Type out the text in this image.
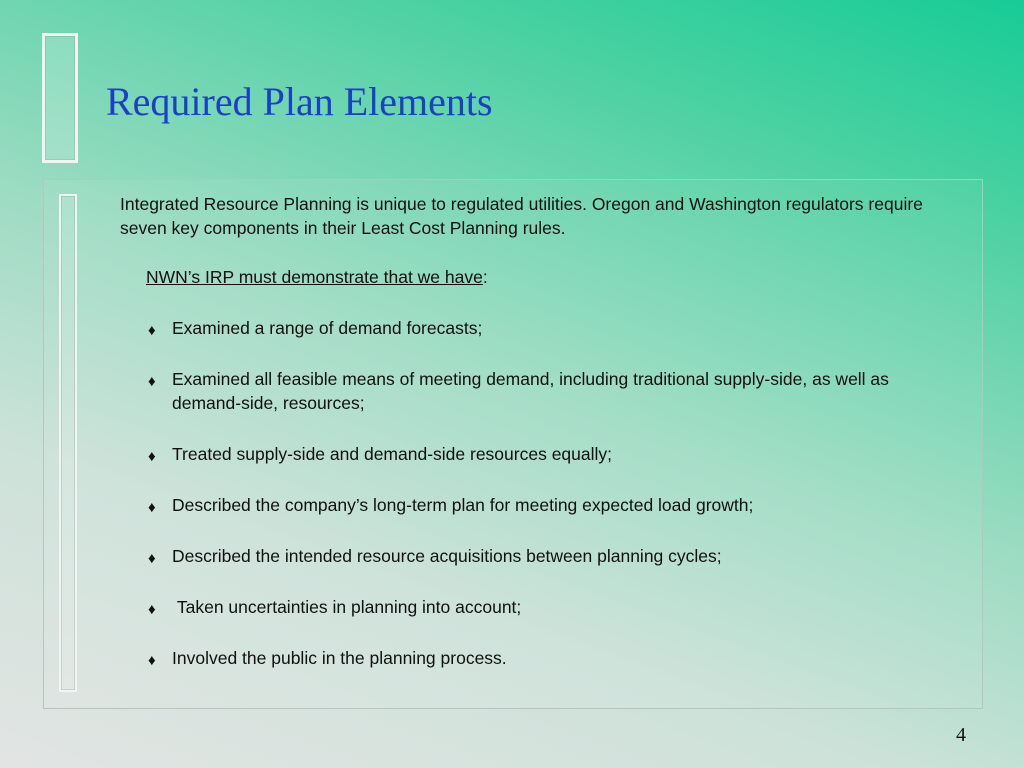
Required Plan Elements

Integrated Resource Planning is unique to regulated utilities. Oregon and Washington regulators require seven key components in their Least Cost Planning rules.

NWN’s IRP must demonstrate that we have:

♦ Examined a range of demand forecasts;
♦ Examined all feasible means of meeting demand, including traditional supply-side, as well as demand-side, resources;
♦ Treated supply-side and demand-side resources equally;
♦ Described the company’s long-term plan for meeting expected load growth;
♦ Described the intended resource acquisitions between planning cycles;
♦ Taken uncertainties in planning into account;
♦ Involved the public in the planning process.
4
